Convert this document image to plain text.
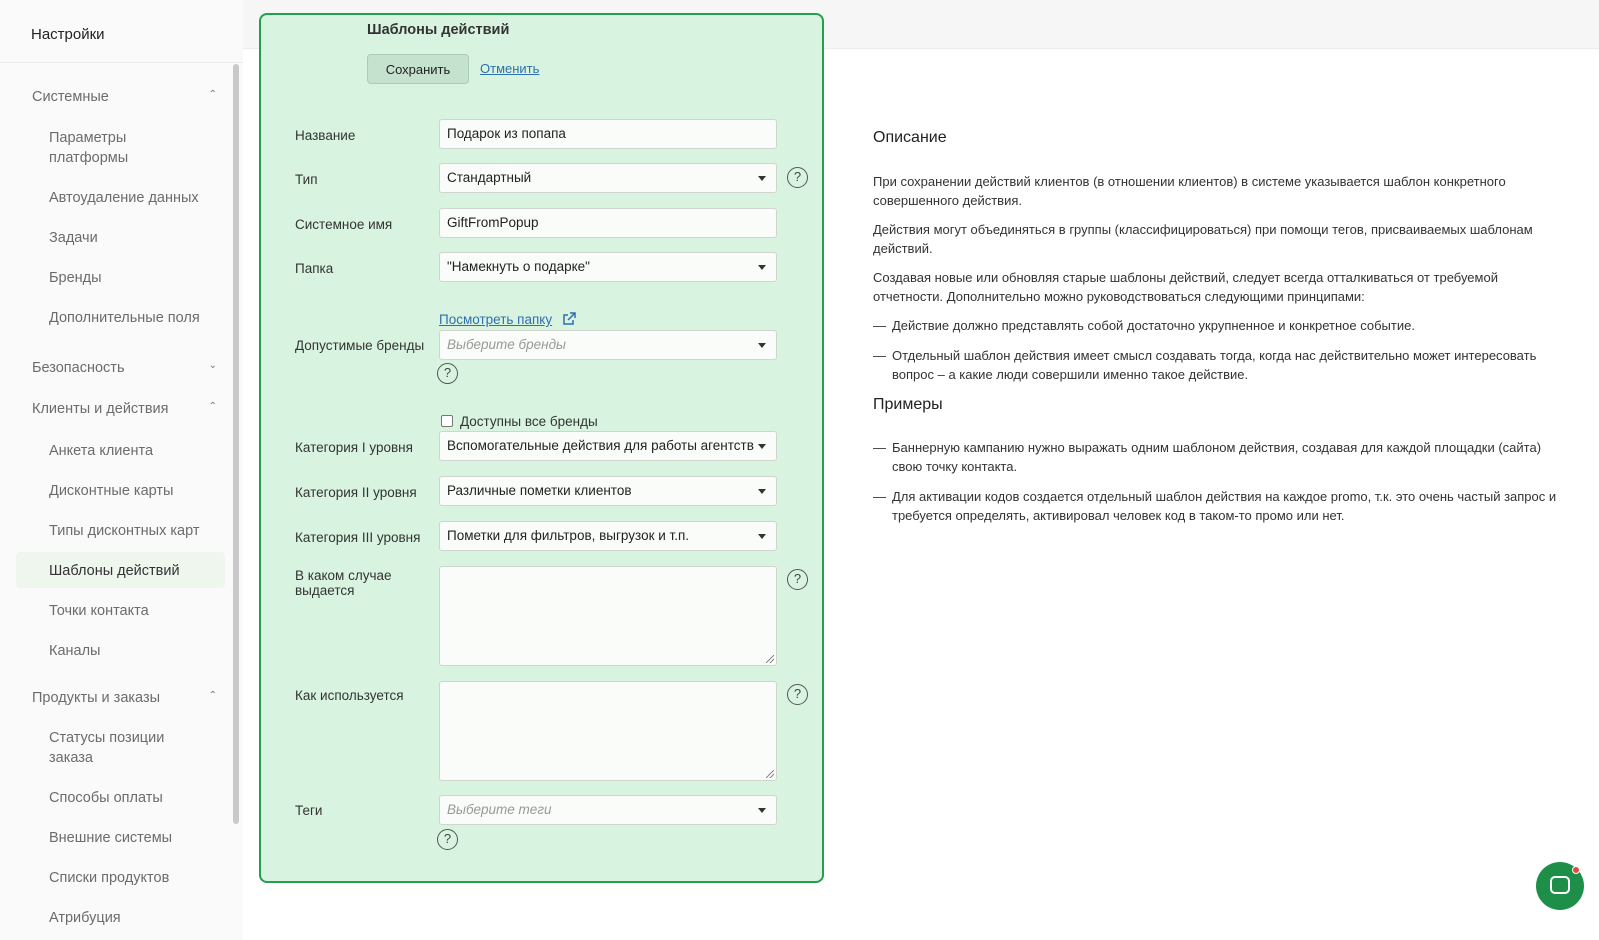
Настройки
Системные	⌃
Параметры платформы
Автоудаление данных
Задачи
Бренды
Дополнительные поля
Безопасность	⌄
Клиенты и действия	⌃
Анкета клиента
Дисконтные карты
Типы дисконтных карт
Шаблоны действий
Точки контакта
Каналы
Продукты и заказы	⌃
Статусы позиции заказа
Способы оплаты
Внешние системы
Списки продуктов
Атрибуция
Шаблоны действий
Сохранить	Отменить
Название	Подарок из попапа
Тип	Стандартный	?
Системное имя	GiftFromPopup
Папка	"Намекнуть о подарке"
Посмотреть папку
Допустимые бренды	Выберите бренды
?
Доступны все бренды
Категория I уровня	Вспомогательные действия для работы агентств
Категория II уровня	Различные пометки клиентов
Категория III уровня	Пометки для фильтров, выгрузок и т.п.
В каком случае выдается
?
Как используется	?
Теги	Выберите теги
?
Описание

При сохранении действий клиентов (в отношении клиентов) в системе указывается шаблон конкретного совершенного действия.

Действия могут объединяться в группы (классифицироваться) при помощи тегов, присваиваемых шаблонам действий.

Создавая новые или обновляя старые шаблоны действий, следует всегда отталкиваться от требуемой отчетности. Дополнительно можно руководствоваться следующими принципами:

— Действие должно представлять собой достаточно укрупненное и конкретное событие.
— Отдельный шаблон действия имеет смысл создавать тогда, когда нас действительно может интересовать вопрос – а какие люди совершили именно такое действие.
Примеры
— Баннерную кампанию нужно выражать одним шаблоном действия, создавая для каждой площадки (сайта) свою точку контакта.
— Для активации кодов создается отдельный шаблон действия на каждое promo, т.к. это очень частый запрос и требуется определять, активировал человек код в таком-то промо или нет.
